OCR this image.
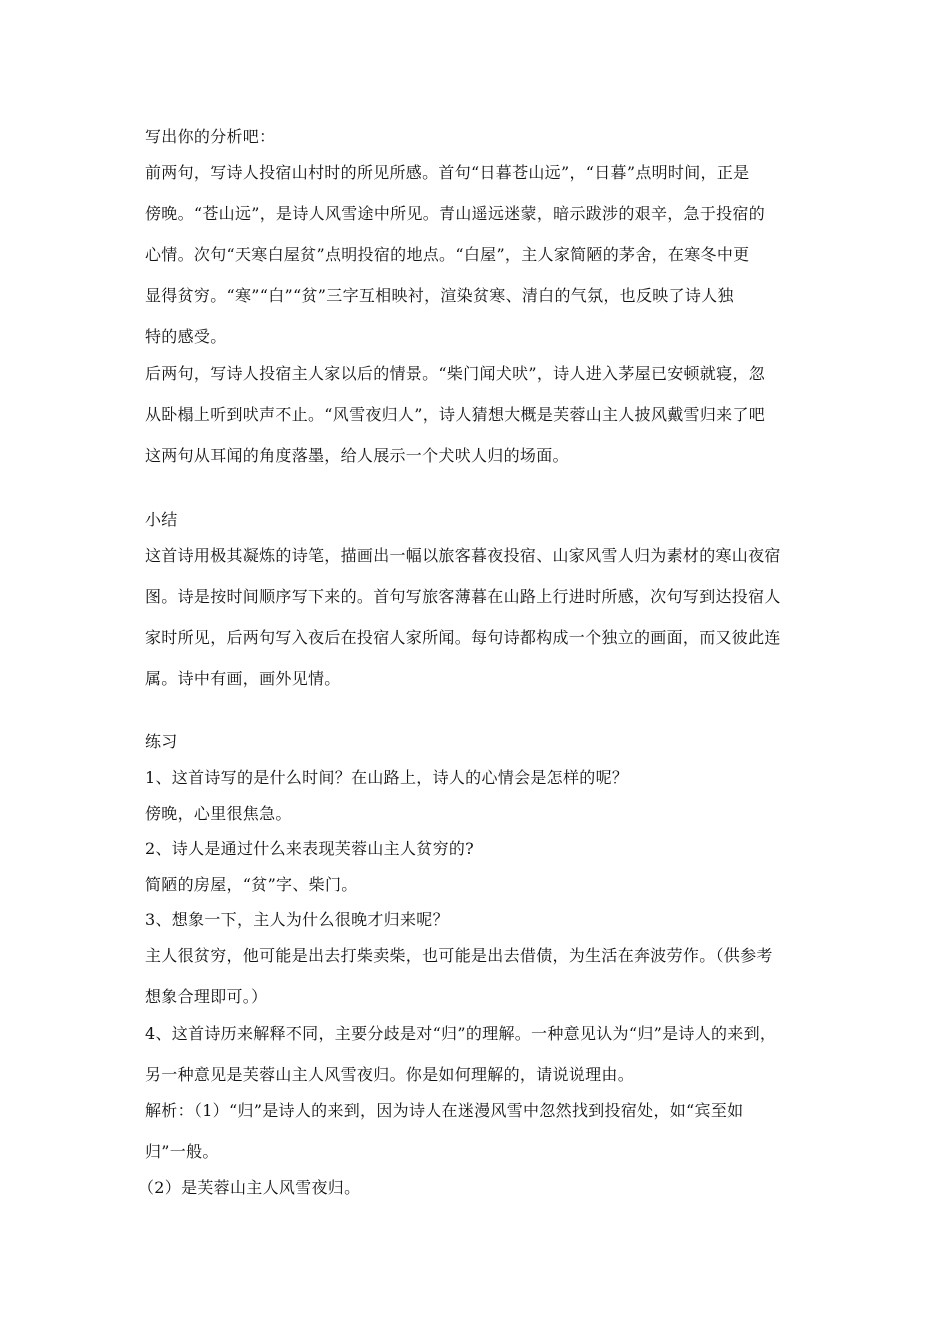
写出你的分析吧：
前两句，写诗人投宿山村时的所见所感。首句“日暮苍山远”，“日暮”点明时间，正是
傍晚。“苍山远”，是诗人风雪途中所见。青山遥远迷蒙，暗示跋涉的艰辛，急于投宿的
心情。次句“天寒白屋贫”点明投宿的地点。“白屋”，主人家简陋的茅舍，在寒冬中更
显得贫穷。“寒”“白”“贫”三字互相映衬，渲染贫寒、清白的气氛，也反映了诗人独
特的感受。
后两句，写诗人投宿主人家以后的情景。“柴门闻犬吠”，诗人进入茅屋已安顿就寝，忽
从卧榻上听到吠声不止。“风雪夜归人”，诗人猜想大概是芙蓉山主人披风戴雪归来了吧
这两句从耳闻的角度落墨，给人展示一个犬吠人归的场面。
小结
这首诗用极其凝炼的诗笔，描画出一幅以旅客暮夜投宿、山家风雪人归为素材的寒山夜宿
图。诗是按时间顺序写下来的。首句写旅客薄暮在山路上行进时所感，次句写到达投宿人
家时所见，后两句写入夜后在投宿人家所闻。每句诗都构成一个独立的画面，而又彼此连
属。诗中有画，画外见情。
练习
1、这首诗写的是什么时间？在山路上，诗人的心情会是怎样的呢？
傍晚，心里很焦急。
2、诗人是通过什么来表现芙蓉山主人贫穷的?
简陋的房屋，“贫”字、柴门。
3、想象一下，主人为什么很晚才归来呢？
主人很贫穷，他可能是出去打柴卖柴，也可能是出去借债，为生活在奔波劳作。（供参考
想象合理即可。）
4、这首诗历来解释不同，主要分歧是对“归”的理解。一种意见认为“归”是诗人的来到，
另一种意见是芙蓉山主人风雪夜归。你是如何理解的，请说说理由。
解析：（1）“归”是诗人的来到，因为诗人在迷漫风雪中忽然找到投宿处，如“宾至如
归”一般。
（2）是芙蓉山主人风雪夜归。
